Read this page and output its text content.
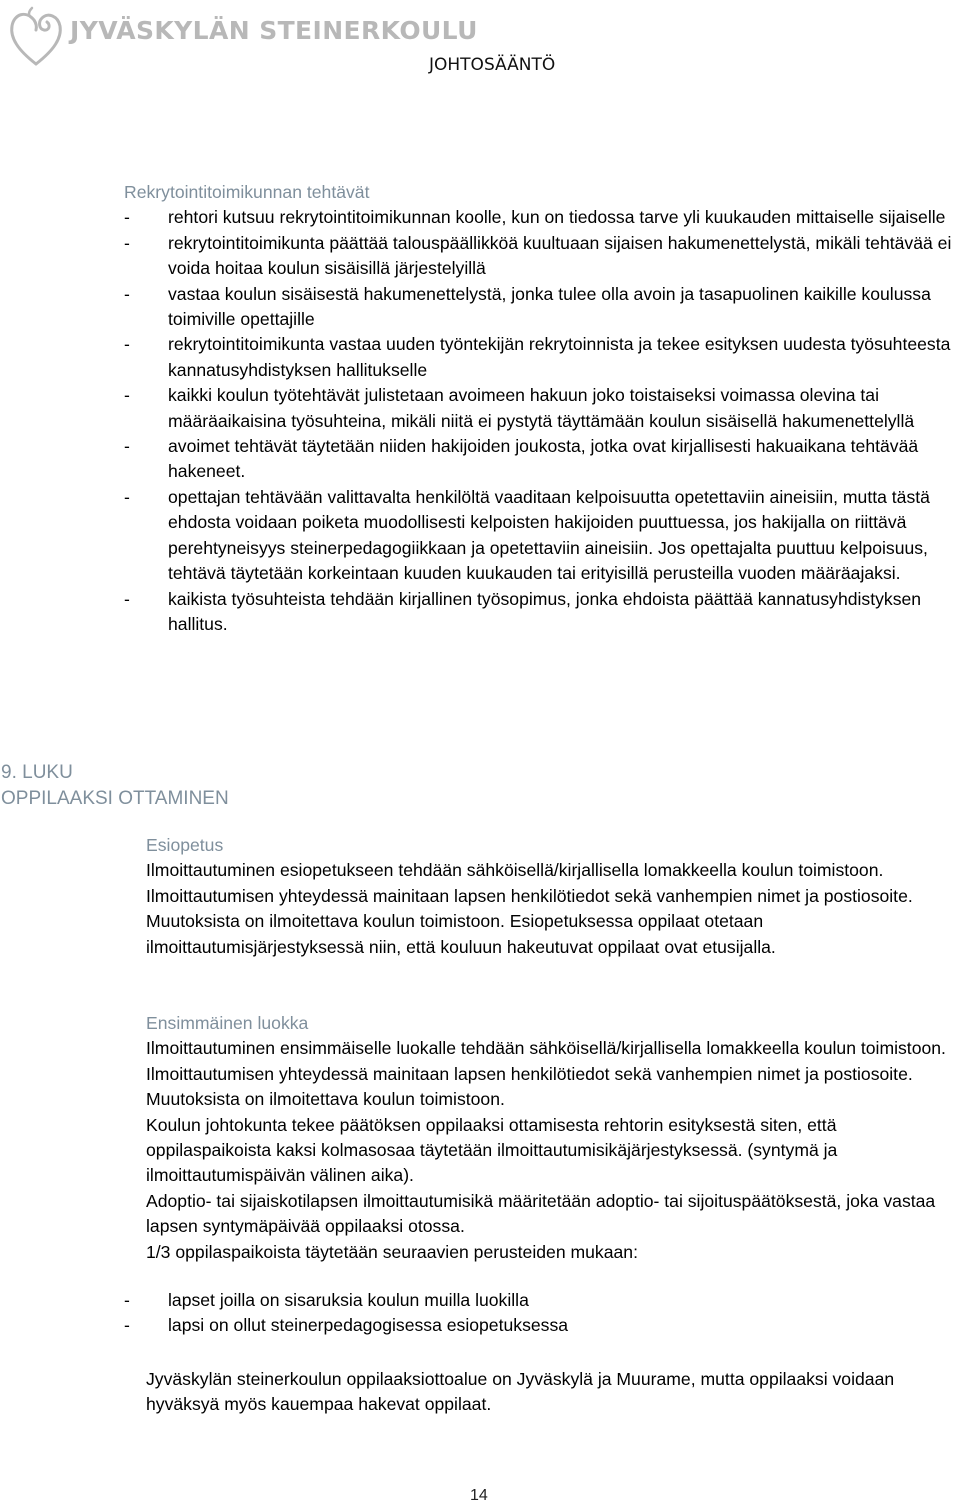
JYVÄSKYLÄN STEINERKOULU
JOHTOSÄÄNTÖ
Rekrytointitoimikunnan tehtävät
- rehtori kutsuu rekrytointitoimikunnan koolle, kun on tiedossa tarve yli kuukauden mittaiselle sijaiselle
- rekrytointitoimikunta päättää talouspäällikköä kuultuaan sijaisen hakumenettelystä, mikäli tehtävää ei voida hoitaa koulun sisäisillä järjestelyillä
- vastaa koulun sisäisestä hakumenettelystä, jonka tulee olla avoin ja tasapuolinen kaikille koulussa toimiville opettajille
- rekrytointitoimikunta vastaa uuden työntekijän rekrytoinnista ja tekee esityksen uudesta työsuhteesta kannatusyhdistyksen hallitukselle
- kaikki koulun työtehtävät julistetaan avoimeen hakuun joko toistaiseksi voimassa olevina tai määräaikaisina työsuhteina, mikäli niitä ei pystytä täyttämään koulun sisäisellä hakumenettelyllä
- avoimet tehtävät täytetään niiden hakijoiden joukosta, jotka ovat kirjallisesti hakuaikana tehtävää hakeneet.
- opettajan tehtävään valittavalta henkilöltä vaaditaan kelpoisuutta opetettaviin aineisiin, mutta tästä ehdosta voidaan poiketa muodollisesti kelpoisten hakijoiden puuttuessa, jos hakijalla on riittävä perehtyneisyys steinerpedagogiikkaan ja opetettaviin aineisiin. Jos opettajalta puuttuu kelpoisuus, tehtävä täytetään korkeintaan kuuden kuukauden tai erityisillä perusteilla vuoden määräajaksi.
- kaikista työsuhteista tehdään kirjallinen työsopimus, jonka ehdoista päättää kannatusyhdistyksen hallitus.
9. LUKU
OPPILAAKSI OTTAMINEN
Esiopetus
Ilmoittautuminen esiopetukseen tehdään sähköisellä/kirjallisella lomakkeella koulun toimistoon. Ilmoittautumisen yhteydessä mainitaan lapsen henkilötiedot sekä vanhempien nimet ja postiosoite. Muutoksista on ilmoitettava koulun toimistoon. Esiopetuksessa oppilaat otetaan ilmoittautumisjärjestyksessä niin, että kouluun hakeutuvat oppilaat ovat etusijalla.
Ensimmäinen luokka
Ilmoittautuminen ensimmäiselle luokalle tehdään sähköisellä/kirjallisella lomakkeella koulun toimistoon. Ilmoittautumisen yhteydessä mainitaan lapsen henkilötiedot sekä vanhempien nimet ja postiosoite. Muutoksista on ilmoitettava koulun toimistoon.
Koulun johtokunta tekee päätöksen oppilaaksi ottamisesta rehtorin esityksestä siten, että oppilaspaikoista kaksi kolmasosaa täytetään ilmoittautumisikäjärjestyksessä. (syntymä ja ilmoittautumispäivän välinen aika).
Adoptio- tai sijaiskotilapsen ilmoittautumisikä määritetään adoptio- tai sijoituspäätöksestä, joka vastaa lapsen syntymäpäivää oppilaaksi otossa.
1/3 oppilaspaikoista täytetään seuraavien perusteiden mukaan:
- lapset joilla on sisaruksia koulun muilla luokilla
- lapsi on ollut steinerpedagogisessa esiopetuksessa
Jyväskylän steinerkoulun oppilaaksiottoalue on Jyväskylä ja Muurame, mutta oppilaaksi voidaan hyväksyä myös kauempaa hakevat oppilaat.
14
